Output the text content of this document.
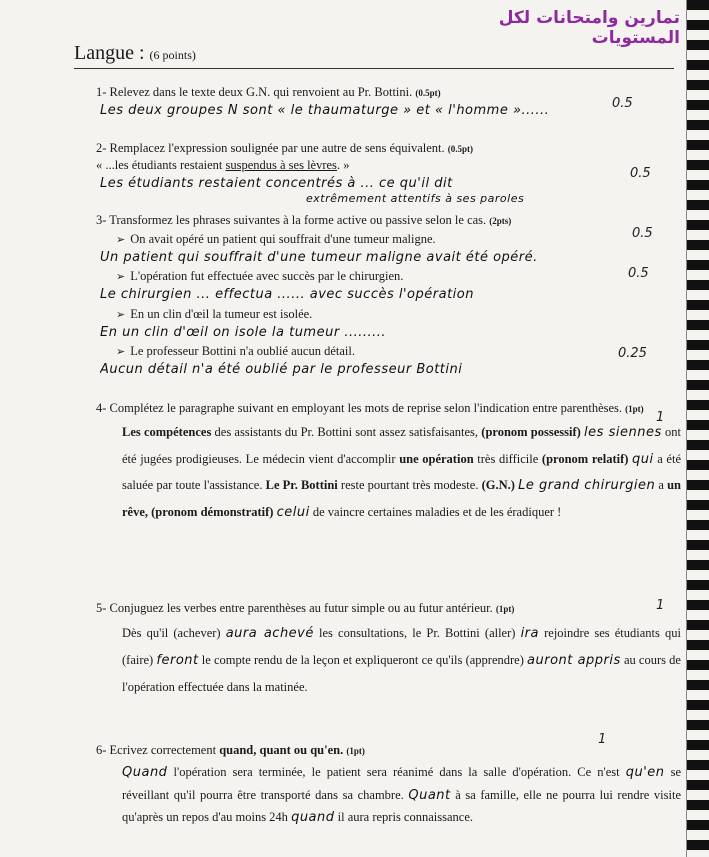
تمارين وامتحانات لكل المستويات
Langue : (6 points)

1- Relevez dans le texte deux G.N. qui renvoient au Pr. Bottini. (0.5pt)

Les deux groupes N sont « le thaumaturge » et « l'homme »......

2- Remplacez l'expression soulignée par une autre de sens équivalent. (0.5pt)

« ...les étudiants restaient suspendus à ses lèvres. »

Les étudiants restaient concentrés à ... ce qu'il dit

extrêmement attentifs à ses paroles

3- Transformez les phrases suivantes à la forme active ou passive selon le cas. (2pts)

➢ On avait opéré un patient qui souffrait d'une tumeur maligne.

Un patient qui souffrait d'une tumeur maligne avait été opéré.

➢ L'opération fut effectuée avec succès par le chirurgien.

Le chirurgien ... effectua ...... avec succès l'opération

➢ En un clin d'œil la tumeur est isolée.

En un clin d'œil on isole la tumeur .........

➢ Le professeur Bottini n'a oublié aucun détail.

Aucun détail n'a été oublié par le professeur Bottini

4- Complétez le paragraphe suivant en employant les mots de reprise selon l'indication entre parenthèses. (1pt)

Les compétences des assistants du Pr. Bottini sont assez satisfaisantes, (pronom possessif) les siennes ont été jugées prodigieuses. Le médecin vient d'accomplir une opération très difficile (pronom relatif) qui a été saluée par toute l'assistance. Le Pr. Bottini reste pourtant très modeste. (G.N.) Le grand chirurgien a un rêve, (pronom démonstratif) celui de vaincre certaines maladies et de les éradiquer !

5- Conjuguez les verbes entre parenthèses au futur simple ou au futur antérieur. (1pt)

Dès qu'il (achever) aura achevé les consultations, le Pr. Bottini (aller) ira rejoindre ses étudiants qui (faire) feront le compte rendu de la leçon et expliqueront ce qu'ils (apprendre) auront appris au cours de l'opération effectuée dans la matinée.

6- Ecrivez correctement quand, quant ou qu'en. (1pt)

Quand l'opération sera terminée, le patient sera réanimé dans la salle d'opération. Ce n'est qu'en se réveillant qu'il pourra être transporté dans sa chambre. Quant à sa famille, elle ne pourra lui rendre visite qu'après un repos d'au moins 24h quand il aura repris connaissance.

0.5
0.5
0.5
0.5
0.25
1
1
1
